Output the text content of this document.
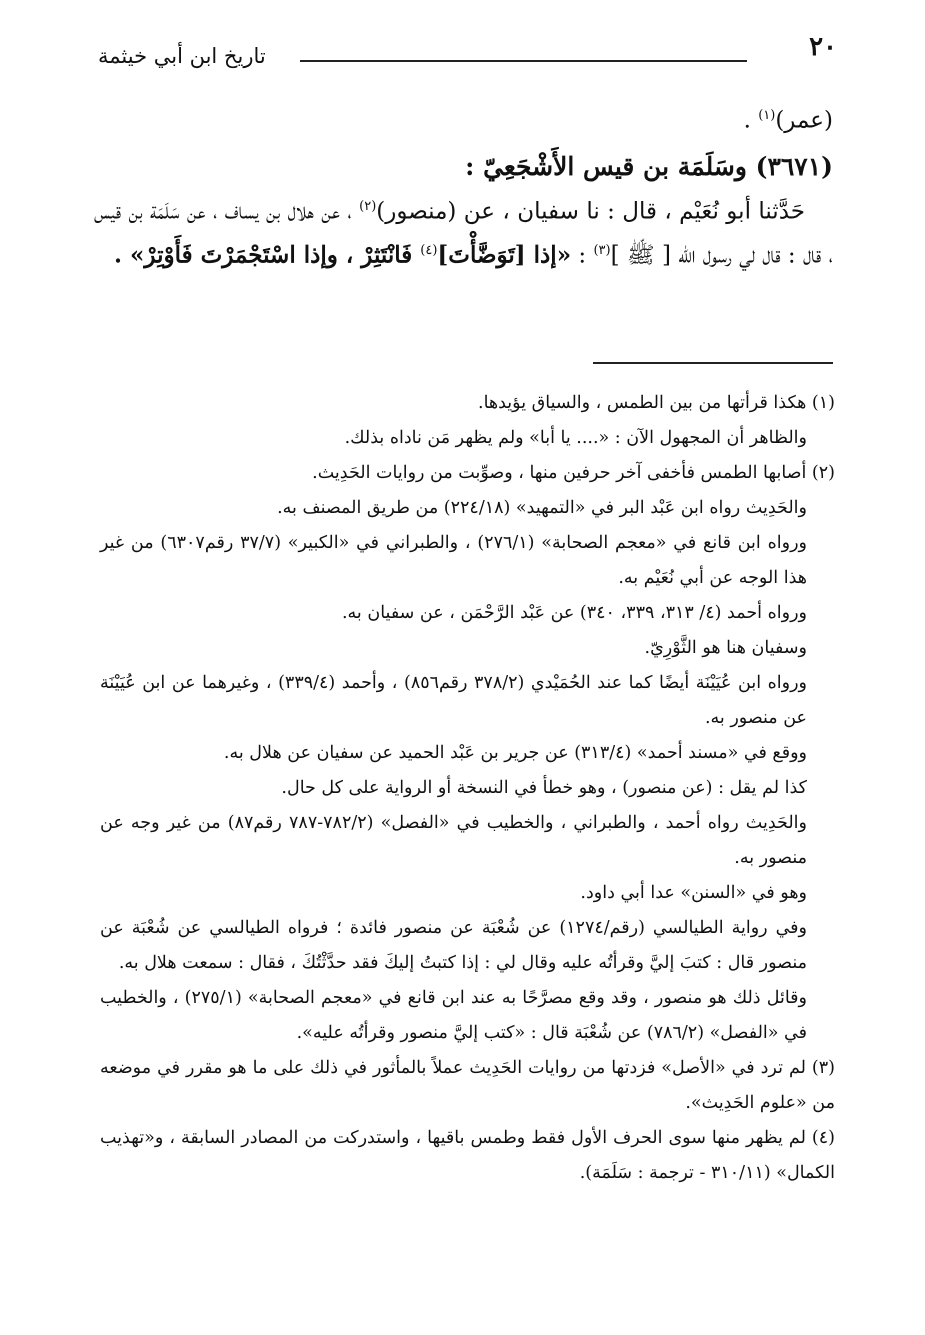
٢٠
تاريخ ابن أبي خيثمة

(عمر)$^{(١)}$ .

(٣٦٧١) وسَلَمَة بن قيس الأَشْجَعِيّ :

حَدَّثنا أبو نُعَيْم ، قال : نا سفيان ، عن (منصور)$^{(٢)}$ ، عن هلال بن يساف ، عن سَلَمَة بن قيس ، قال : قال لي رسول الله [ ﷺ ]$^{(٣)}$ : «إذا [تَوَضَّأْتَ]$^{(٤)}$ فَانْتَثِرْ ، وإذا اسْتَجْمَرْتَ فَأَوْتِرْ» .

(١) هكذا قرأتها من بين الطمس ، والسياق يؤيدها.

والظاهر أن المجهول الآن : «.... يا أبا» ولم يظهر مَن ناداه بذلك.

(٢) أصابها الطمس فأخفى آخر حرفين منها ، وصوِّبت من روايات الحَدِيث.

والحَدِيث رواه ابن عَبْد البر في «التمهيد» (٢٢٤/١٨) من طريق المصنف به.

ورواه ابن قانع في «معجم الصحابة» (٢٧٦/١) ، والطبراني في «الكبير» (٣٧/٧ رقم٦٣٠٧) من غير هذا الوجه عن أبي نُعَيْم به.

ورواه أحمد (٤/ ٣١٣، ٣٣٩، ٣٤٠) عن عَبْد الرَّحْمَن ، عن سفيان به.

وسفيان هنا هو الثَّوْرِيّ.

ورواه ابن عُيَيْنَة أيضًا كما عند الحُمَيْدي (٣٧٨/٢ رقم٨٥٦) ، وأحمد (٣٣٩/٤) ، وغيرهما عن ابن عُيَيْنَة عن منصور به.

ووقع في «مسند أحمد» (٣١٣/٤) عن جرير بن عَبْد الحميد عن سفيان عن هلال به.

كذا لم يقل : (عن منصور) ، وهو خطأ في النسخة أو الرواية على كل حال.

والحَدِيث رواه أحمد ، والطبراني ، والخطيب في «الفصل» (٧٨٢/٢-٧٨٧ رقم٨٧) من غير وجه عن منصور به.

وهو في «السنن» عدا أبي داود.

وفي رواية الطيالسي (رقم/١٢٧٤) عن شُعْبَة عن منصور فائدة ؛ فرواه الطيالسي عن شُعْبَة عن منصور قال : كتبَ إليَّ وقرأتُه عليه وقال لي : إذا كتبتُ إليكَ فقد حدَّثْتُكَ ، فقال : سمعت هلال به.

وقائل ذلك هو منصور ، وقد وقع مصرَّحًا به عند ابن قانع في «معجم الصحابة» (٢٧٥/١) ، والخطيب في «الفصل» (٧٨٦/٢) عن شُعْبَة قال : «كتب إليَّ منصور وقرأتُه عليه».

(٣) لم ترد في «الأصل» فزدتها من روايات الحَدِيث عملاً بالمأثور في ذلك على ما هو مقرر في موضعه من «علوم الحَدِيث».

(٤) لم يظهر منها سوى الحرف الأول فقط وطمس باقيها ، واستدركت من المصادر السابقة ، و«تهذيب الكمال» (٣١٠/١١ - ترجمة : سَلَمَة).
